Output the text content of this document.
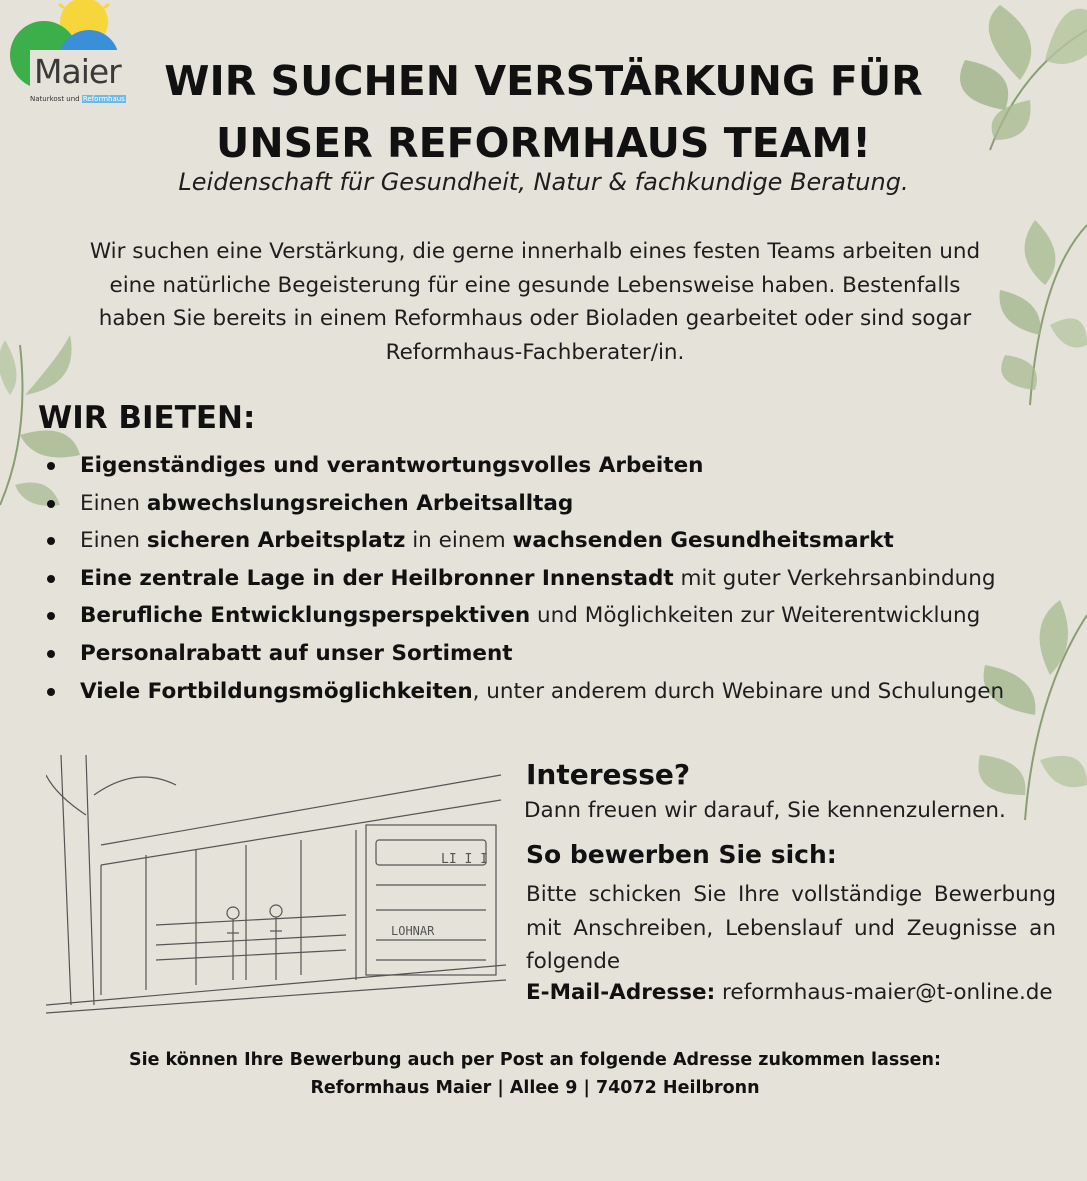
Maier
Naturkost und Reformhaus WIR SUCHEN VERSTÄRKUNG FÜR
UNSER REFORMHAUS TEAM!

Leidenschaft für Gesundheit, Natur & fachkundige Beratung.

Wir suchen eine Verstärkung, die gerne innerhalb eines festen Teams arbeiten und
eine natürliche Begeisterung für eine gesunde Lebensweise haben. Bestenfalls
haben Sie bereits in einem Reformhaus oder Bioladen gearbeitet oder sind sogar
Reformhaus-Fachberater/in.

WIR BIETEN:
Eigenständiges und verantwortungsvolles Arbeiten
Einen abwechslungsreichen Arbeitsalltag
Einen sicheren Arbeitsplatz in einem wachsenden Gesundheitsmarkt
Eine zentrale Lage in der Heilbronner Innenstadt mit guter Verkehrsanbindung
Berufliche Entwicklungsperspektiven und Möglichkeiten zur Weiterentwicklung
Personalrabatt auf unser Sortiment
Viele Fortbildungsmöglichkeiten, unter anderem durch Webinare und Schulungen
LI I I
LOHNAR
Interesse?

Dann freuen wir darauf, Sie kennenzulernen.

So bewerben Sie sich:

Bitte schicken Sie Ihre vollständige Bewerbung mit Anschreiben, Lebenslauf und Zeugnisse an folgende

E-Mail-Adresse: reformhaus-maier@t-online.de

Sie können Ihre Bewerbung auch per Post an folgende Adresse zukommen lassen:
Reformhaus Maier | Allee 9 | 74072 Heilbronn
